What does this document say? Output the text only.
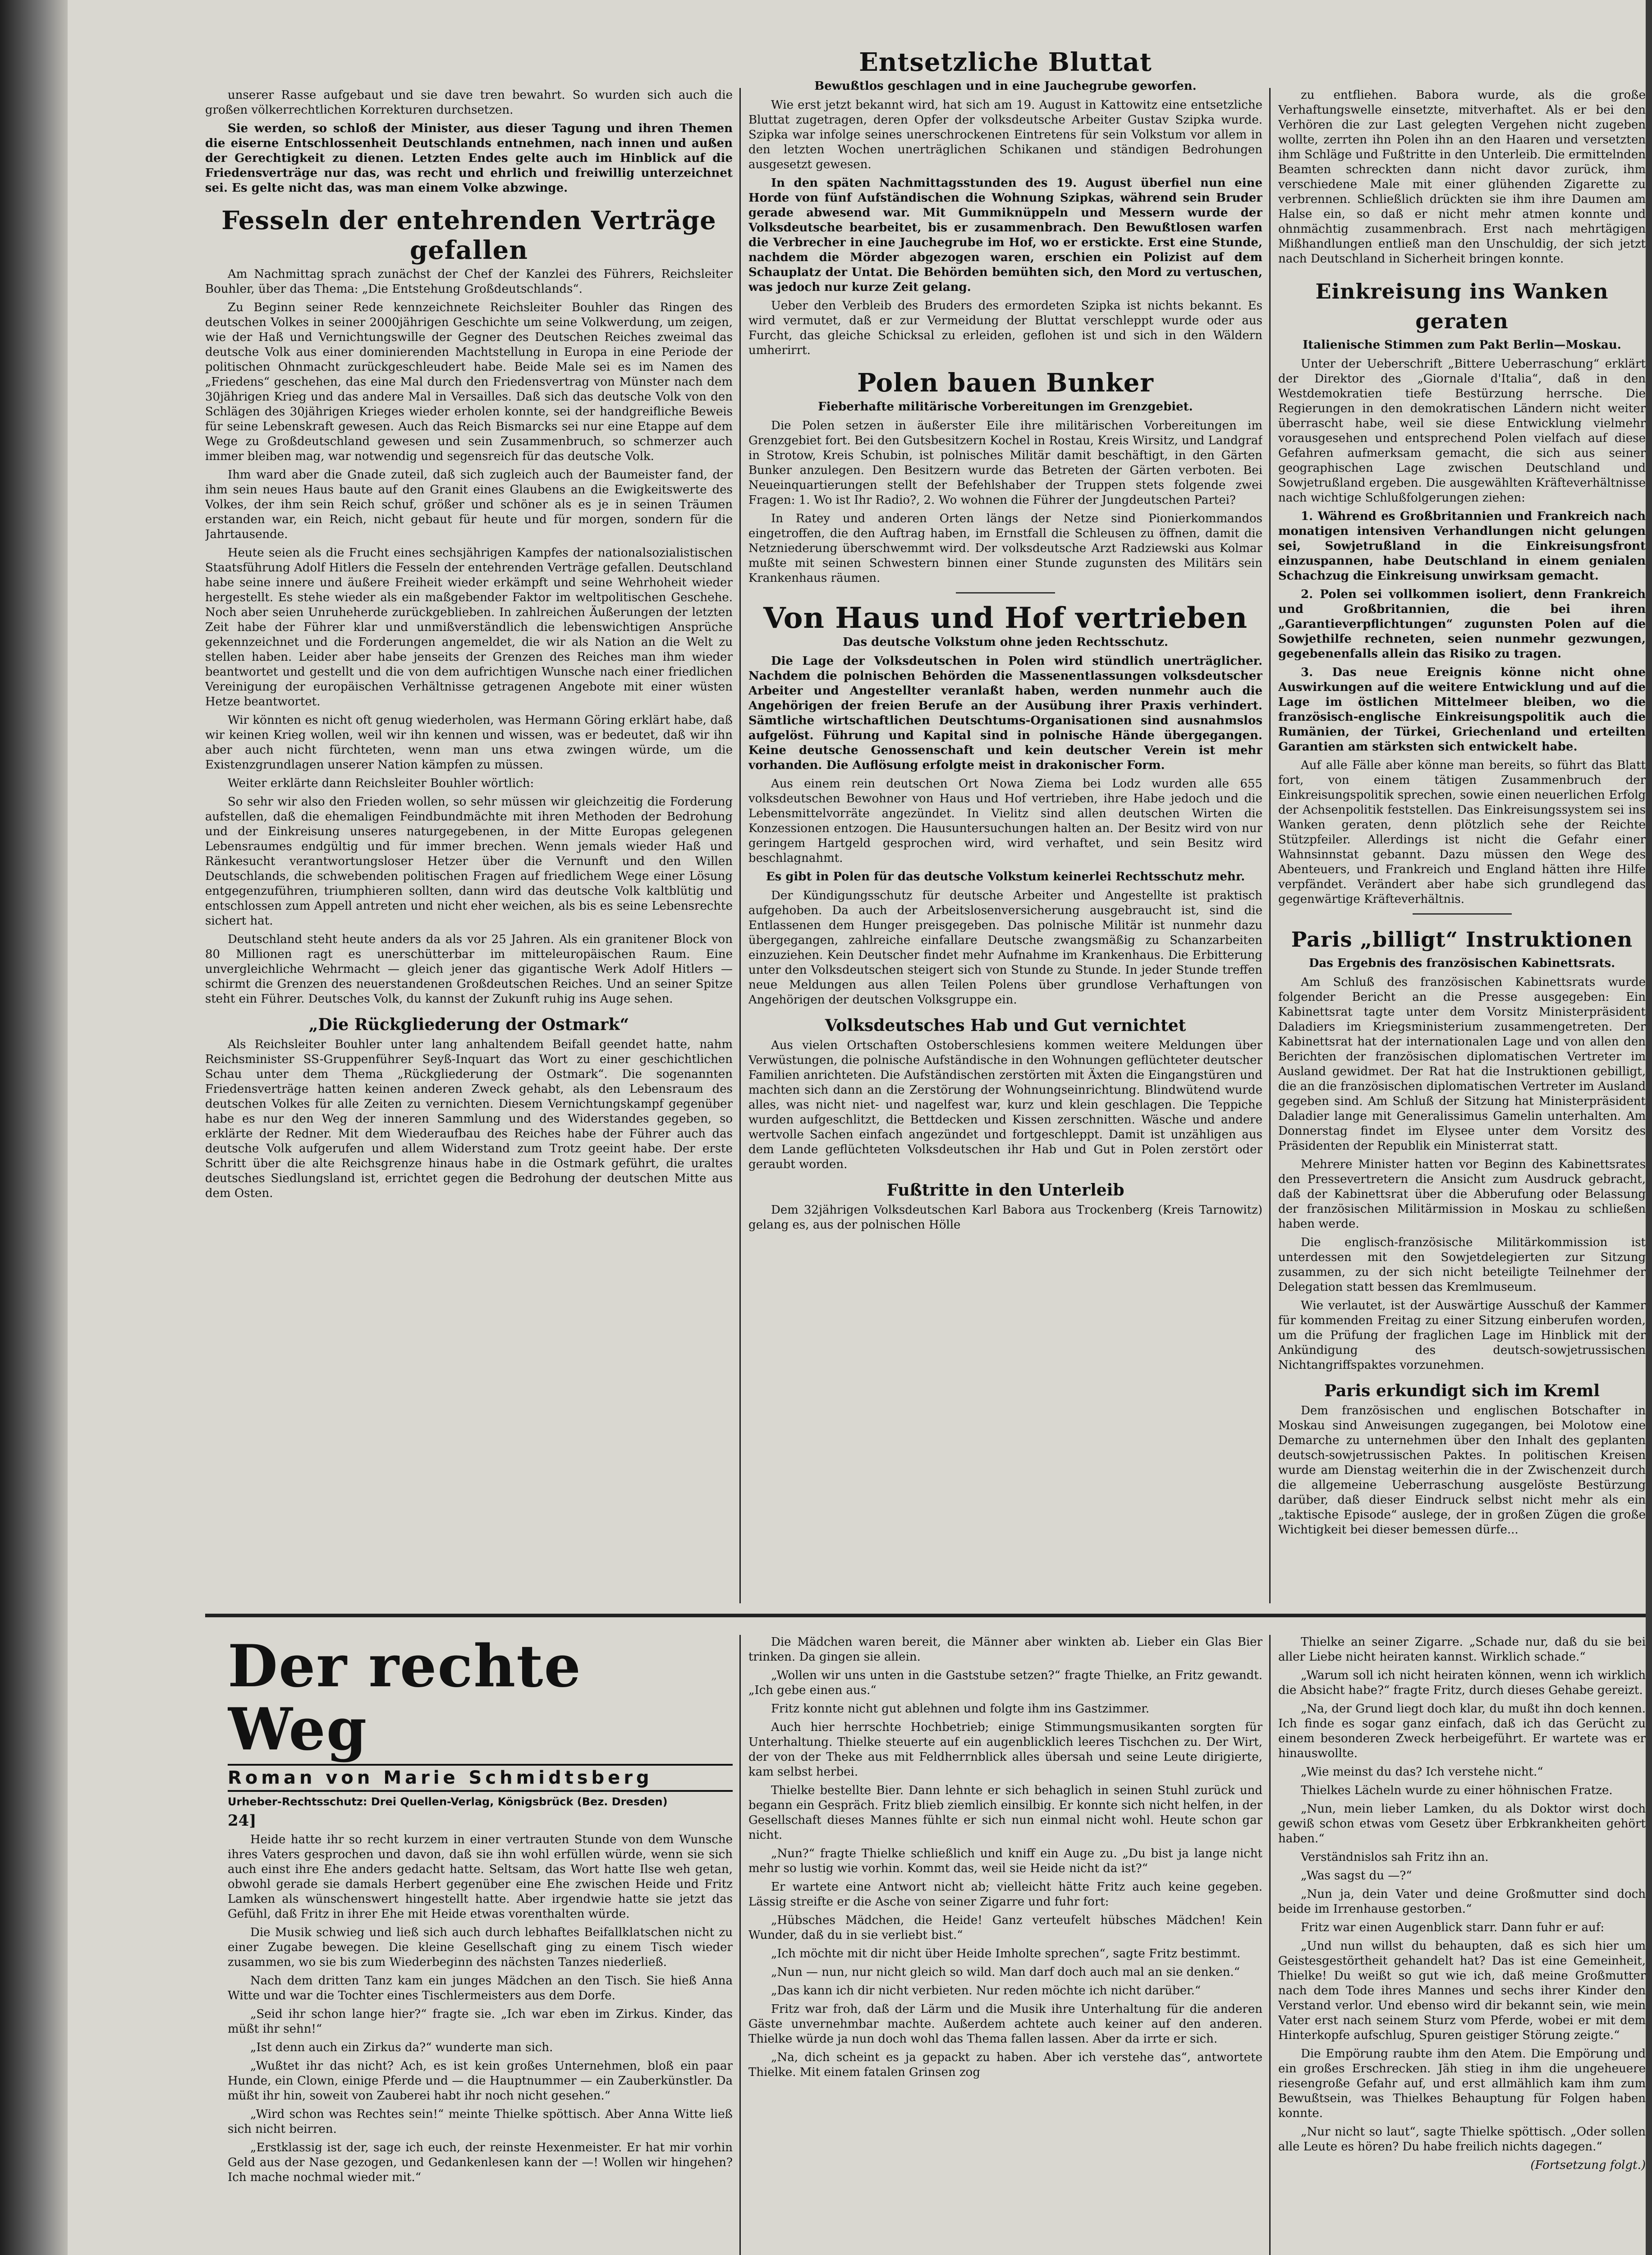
unserer Rasse aufgebaut und sie dave tren bewahrt. So wurden sich auch die großen völkerrechtlichen Korrekturen durchsetzen.

Sie werden, so schloß der Minister, aus dieser Tagung und ihren Themen die eiserne Entschlossenheit Deutschlands entnehmen, nach innen und außen der Gerechtigkeit zu dienen. Letzten Endes gelte auch im Hinblick auf die Friedensverträge nur das, was recht und ehrlich und freiwillig unterzeichnet sei. Es gelte nicht das, was man einem Volke abzwinge.

Fesseln der entehrenden Verträge gefallen

Am Nachmittag sprach zunächst der Chef der Kanzlei des Führers, Reichsleiter Bouhler, über das Thema: „Die Entstehung Großdeutschlands“.

Zu Beginn seiner Rede kennzeichnete Reichsleiter Bouhler das Ringen des deutschen Volkes in seiner 2000jährigen Geschichte um seine Volkwerdung, um zeigen, wie der Haß und Vernichtungswille der Gegner des Deutschen Reiches zweimal das deutsche Volk aus einer dominierenden Machtstellung in Europa in eine Periode der politischen Ohnmacht zurückgeschleudert habe. Beide Male sei es im Namen des „Friedens“ geschehen, das eine Mal durch den Friedensvertrag von Münster nach dem 30jährigen Krieg und das andere Mal in Versailles. Daß sich das deutsche Volk von den Schlägen des 30jährigen Krieges wieder erholen konnte, sei der handgreifliche Beweis für seine Lebenskraft gewesen. Auch das Reich Bismarcks sei nur eine Etappe auf dem Wege zu Großdeutschland gewesen und sein Zusammenbruch, so schmerzer auch immer bleiben mag, war notwendig und segensreich für das deutsche Volk.

Ihm ward aber die Gnade zuteil, daß sich zugleich auch der Baumeister fand, der ihm sein neues Haus baute auf den Granit eines Glaubens an die Ewigkeitswerte des Volkes, der ihm sein Reich schuf, größer und schöner als es je in seinen Träumen erstanden war, ein Reich, nicht gebaut für heute und für morgen, sondern für die Jahrtausende.

Heute seien als die Frucht eines sechsjährigen Kampfes der nationalsozialistischen Staatsführung Adolf Hitlers die Fesseln der entehrenden Verträge gefallen. Deutschland habe seine innere und äußere Freiheit wieder erkämpft und seine Wehrhoheit wieder hergestellt. Es stehe wieder als ein maßgebender Faktor im weltpolitischen Geschehe. Noch aber seien Unruheherde zurückgeblieben. In zahlreichen Äußerungen der letzten Zeit habe der Führer klar und unmißverständlich die lebenswichtigen Ansprüche gekennzeichnet und die Forderungen angemeldet, die wir als Nation an die Welt zu stellen haben. Leider aber habe jenseits der Grenzen des Reiches man ihm wieder beantwortet und gestellt und die von dem aufrichtigen Wunsche nach einer friedlichen Vereinigung der europäischen Verhältnisse getragenen Angebote mit einer wüsten Hetze beantwortet.

Wir könnten es nicht oft genug wiederholen, was Hermann Göring erklärt habe, daß wir keinen Krieg wollen, weil wir ihn kennen und wissen, was er bedeutet, daß wir ihn aber auch nicht fürchteten, wenn man uns etwa zwingen würde, um die Existenzgrundlagen unserer Nation kämpfen zu müssen.

Weiter erklärte dann Reichsleiter Bouhler wörtlich:

So sehr wir also den Frieden wollen, so sehr müssen wir gleichzeitig die Forderung aufstellen, daß die ehemaligen Feindbundmächte mit ihren Methoden der Bedrohung und der Einkreisung unseres naturgegebenen, in der Mitte Europas gelegenen Lebensraumes endgültig und für immer brechen. Wenn jemals wieder Haß und Ränkesucht verantwortungsloser Hetzer über die Vernunft und den Willen Deutschlands, die schwebenden politischen Fragen auf friedlichem Wege einer Lösung entgegenzuführen, triumphieren sollten, dann wird das deutsche Volk kaltblütig und entschlossen zum Appell antreten und nicht eher weichen, als bis es seine Lebensrechte sichert hat.

Deutschland steht heute anders da als vor 25 Jahren. Als ein granitener Block von 80 Millionen ragt es unerschütterbar im mitteleuropäischen Raum. Eine unvergleichliche Wehrmacht — gleich jener das gigantische Werk Adolf Hitlers — schirmt die Grenzen des neuerstandenen Großdeutschen Reiches. Und an seiner Spitze steht ein Führer. Deutsches Volk, du kannst der Zukunft ruhig ins Auge sehen.

„Die Rückgliederung der Ostmark“

Als Reichsleiter Bouhler unter lang anhaltendem Beifall geendet hatte, nahm Reichsminister SS-Gruppenführer Seyß-Inquart das Wort zu einer geschichtlichen Schau unter dem Thema „Rückgliederung der Ostmark“. Die sogenannten Friedensverträge hatten keinen anderen Zweck gehabt, als den Lebensraum des deutschen Volkes für alle Zeiten zu vernichten. Diesem Vernichtungskampf gegenüber habe es nur den Weg der inneren Sammlung und des Widerstandes gegeben, so erklärte der Redner. Mit dem Wiederaufbau des Reiches habe der Führer auch das deutsche Volk aufgerufen und allem Widerstand zum Trotz geeint habe. Der erste Schritt über die alte Reichsgrenze hinaus habe in die Ostmark geführt, die uraltes deutsches Siedlungsland ist, errichtet gegen die Bedrohung der deutschen Mitte aus dem Osten.

Entsetzliche Bluttat
Bewußtlos geschlagen und in eine Jauchegrube geworfen.

Wie erst jetzt bekannt wird, hat sich am 19. August in Kattowitz eine entsetzliche Bluttat zugetragen, deren Opfer der volksdeutsche Arbeiter Gustav Szipka wurde. Szipka war infolge seines unerschrockenen Eintretens für sein Volkstum vor allem in den letzten Wochen unerträglichen Schikanen und ständigen Bedrohungen ausgesetzt gewesen.

In den späten Nachmittagsstunden des 19. August überfiel nun eine Horde von fünf Aufständischen die Wohnung Szipkas, während sein Bruder gerade abwesend war. Mit Gummiknüppeln und Messern wurde der Volksdeutsche bearbeitet, bis er zusammenbrach. Den Bewußtlosen warfen die Verbrecher in eine Jauchegrube im Hof, wo er erstickte. Erst eine Stunde, nachdem die Mörder abgezogen waren, erschien ein Polizist auf dem Schauplatz der Untat. Die Behörden bemühten sich, den Mord zu vertuschen, was jedoch nur kurze Zeit gelang.

Ueber den Verbleib des Bruders des ermordeten Szipka ist nichts bekannt. Es wird vermutet, daß er zur Vermeidung der Bluttat verschleppt wurde oder aus Furcht, das gleiche Schicksal zu erleiden, geflohen ist und sich in den Wäldern umherirrt.

Polen bauen Bunker
Fieberhafte militärische Vorbereitungen im Grenzgebiet.

Die Polen setzen in äußerster Eile ihre militärischen Vorbereitungen im Grenzgebiet fort. Bei den Gutsbesitzern Kochel in Rostau, Kreis Wirsitz, und Landgraf in Strotow, Kreis Schubin, ist polnisches Militär damit beschäftigt, in den Gärten Bunker anzulegen. Den Besitzern wurde das Betreten der Gärten verboten. Bei Neueinquartierungen stellt der Befehlshaber der Truppen stets folgende zwei Fragen: 1. Wo ist Ihr Radio?, 2. Wo wohnen die Führer der Jungdeutschen Partei?

In Ratey und anderen Orten längs der Netze sind Pionierkommandos eingetroffen, die den Auftrag haben, im Ernstfall die Schleusen zu öffnen, damit die Netzniederung überschwemmt wird. Der volksdeutsche Arzt Radziewski aus Kolmar mußte mit seinen Schwestern binnen einer Stunde zugunsten des Militärs sein Krankenhaus räumen.

Von Haus und Hof vertrieben
Das deutsche Volkstum ohne jeden Rechtsschutz.

Die Lage der Volksdeutschen in Polen wird stündlich unerträglicher. Nachdem die polnischen Behörden die Massenentlassungen volksdeutscher Arbeiter und Angestellter veranlaßt haben, werden nunmehr auch die Angehörigen der freien Berufe an der Ausübung ihrer Praxis verhindert. Sämtliche wirtschaftlichen Deutschtums-Organisationen sind ausnahmslos aufgelöst. Führung und Kapital sind in polnische Hände übergegangen. Keine deutsche Genossenschaft und kein deutscher Verein ist mehr vorhanden. Die Auflösung erfolgte meist in drakonischer Form.

Aus einem rein deutschen Ort Nowa Ziema bei Lodz wurden alle 655 volksdeutschen Bewohner von Haus und Hof vertrieben, ihre Habe jedoch und die Lebensmittelvorräte angezündet. In Vielitz sind allen deutschen Wirten die Konzessionen entzogen. Die Hausuntersuchungen halten an. Der Besitz wird von nur geringem Hartgeld gesprochen wird, wird verhaftet, und sein Besitz wird beschlagnahmt.

Es gibt in Polen für das deutsche Volkstum keinerlei Rechtsschutz mehr.

Der Kündigungsschutz für deutsche Arbeiter und Angestellte ist praktisch aufgehoben. Da auch der Arbeitslosenversicherung ausgebraucht ist, sind die Entlassenen dem Hunger preisgegeben. Das polnische Militär ist nunmehr dazu übergegangen, zahlreiche einfallare Deutsche zwangsmäßig zu Schanzarbeiten einzuziehen. Kein Deutscher findet mehr Aufnahme im Krankenhaus. Die Erbitterung unter den Volksdeutschen steigert sich von Stunde zu Stunde. In jeder Stunde treffen neue Meldungen aus allen Teilen Polens über grundlose Verhaftungen von Angehörigen der deutschen Volksgruppe ein.

Volksdeutsches Hab und Gut vernichtet

Aus vielen Ortschaften Ostoberschlesiens kommen weitere Meldungen über Verwüstungen, die polnische Aufständische in den Wohnungen geflüchteter deutscher Familien anrichteten. Die Aufständischen zerstörten mit Äxten die Eingangstüren und machten sich dann an die Zerstörung der Wohnungseinrichtung. Blindwütend wurde alles, was nicht niet- und nagelfest war, kurz und klein geschlagen. Die Teppiche wurden aufgeschlitzt, die Bettdecken und Kissen zerschnitten. Wäsche und andere wertvolle Sachen einfach angezündet und fortgeschleppt. Damit ist unzähligen aus dem Lande geflüchteten Volksdeutschen ihr Hab und Gut in Polen zerstört oder geraubt worden.

Fußtritte in den Unterleib

Dem 32jährigen Volksdeutschen Karl Babora aus Trockenberg (Kreis Tarnowitz) gelang es, aus der polnischen Hölle

zu entfliehen. Babora wurde, als die große Verhaftungswelle einsetzte, mitverhaftet. Als er bei den Verhören die zur Last gelegten Vergehen nicht zugeben wollte, zerrten ihn Polen ihn an den Haaren und versetzten ihm Schläge und Fußtritte in den Unterleib. Die ermittelnden Beamten schreckten dann nicht davor zurück, ihm verschiedene Male mit einer glühenden Zigarette zu verbrennen. Schließlich drückten sie ihm ihre Daumen am Halse ein, so daß er nicht mehr atmen konnte und ohnmächtig zusammenbrach. Erst nach mehrtägigen Mißhandlungen entließ man den Unschuldig, der sich jetzt nach Deutschland in Sicherheit bringen konnte.

Einkreisung ins Wanken geraten
Italienische Stimmen zum Pakt Berlin—Moskau.

Unter der Ueberschrift „Bittere Ueberraschung“ erklärt der Direktor des „Giornale d'Italia“, daß in den Westdemokratien tiefe Bestürzung herrsche. Die Regierungen in den demokratischen Ländern nicht weiter überrascht habe, weil sie diese Entwicklung vielmehr vorausgesehen und entsprechend Polen vielfach auf diese Gefahren aufmerksam gemacht, die sich aus seiner geographischen Lage zwischen Deutschland und Sowjetrußland ergeben. Die ausgewählten Kräfteverhältnisse nach wichtige Schlußfolgerungen ziehen:

1. Während es Großbritannien und Frankreich nach monatigen intensiven Verhandlungen nicht gelungen sei, Sowjetrußland in die Einkreisungsfront einzuspannen, habe Deutschland in einem genialen Schachzug die Einkreisung unwirksam gemacht.

2. Polen sei vollkommen isoliert, denn Frankreich und Großbritannien, die bei ihren „Garantieverpflichtungen“ zugunsten Polen auf die Sowjethilfe rechneten, seien nunmehr gezwungen, gegebenenfalls allein das Risiko zu tragen.

3. Das neue Ereignis könne nicht ohne Auswirkungen auf die weitere Entwicklung und auf die Lage im östlichen Mittelmeer bleiben, wo die französisch-englische Einkreisungspolitik auch die Rumänien, der Türkei, Griechenland und erteilten Garantien am stärksten sich entwickelt habe.

Auf alle Fälle aber könne man bereits, so führt das Blatt fort, von einem tätigen Zusammenbruch der Einkreisungspolitik sprechen, sowie einen neuerlichen Erfolg der Achsenpolitik feststellen. Das Einkreisungssystem sei ins Wanken geraten, denn plötzlich sehe der Reichte Stützpfeiler. Allerdings ist nicht die Gefahr einer Wahnsinnstat gebannt. Dazu müssen den Wege des Abenteuers, und Frankreich und England hätten ihre Hilfe verpfändet. Verändert aber habe sich grundlegend das gegenwärtige Kräfteverhältnis.

Paris „billigt“ Instruktionen
Das Ergebnis des französischen Kabinettsrats.

Am Schluß des französischen Kabinettsrats wurde folgender Bericht an die Presse ausgegeben: Ein Kabinettsrat tagte unter dem Vorsitz Ministerpräsident Daladiers im Kriegsministerium zusammengetreten. Der Kabinettsrat hat der internationalen Lage und von allen den Berichten der französischen diplomatischen Vertreter im Ausland gewidmet. Der Rat hat die Instruktionen gebilligt, die an die französischen diplomatischen Vertreter im Ausland gegeben sind. Am Schluß der Sitzung hat Ministerpräsident Daladier lange mit Generalissimus Gamelin unterhalten. Am Donnerstag findet im Elysee unter dem Vorsitz des Präsidenten der Republik ein Ministerrat statt.

Mehrere Minister hatten vor Beginn des Kabinettsrates den Pressevertretern die Ansicht zum Ausdruck gebracht, daß der Kabinettsrat über die Abberufung oder Belassung der französischen Militärmission in Moskau zu schließen haben werde.

Die englisch-französische Militärkommission ist unterdessen mit den Sowjetdelegierten zur Sitzung zusammen, zu der sich nicht beteiligte Teilnehmer der Delegation statt bessen das Kremlmuseum.

Wie verlautet, ist der Auswärtige Ausschuß der Kammer für kommenden Freitag zu einer Sitzung einberufen worden, um die Prüfung der fraglichen Lage im Hinblick mit der Ankündigung des deutsch-sowjetrussischen Nichtangriffspaktes vorzunehmen.

Paris erkundigt sich im Kreml

Dem französischen und englischen Botschafter in Moskau sind Anweisungen zugegangen, bei Molotow eine Demarche zu unternehmen über den Inhalt des geplanten deutsch-sowjetrussischen Paktes. In politischen Kreisen wurde am Dienstag weiterhin die in der Zwischenzeit durch die allgemeine Ueberraschung ausgelöste Bestürzung darüber, daß dieser Eindruck selbst nicht mehr als ein „taktische Episode“ auslege, der in großen Zügen die große Wichtigkeit bei dieser bemessen dürfe...

Der rechte Weg
Roman von Marie Schmidtsberg
Urheber-Rechtsschutz: Drei Quellen-Verlag, Königsbrück (Bez. Dresden)
24]

Heide hatte ihr so recht kurzem in einer vertrauten Stunde von dem Wunsche ihres Vaters gesprochen und davon, daß sie ihn wohl erfüllen würde, wenn sie sich auch einst ihre Ehe anders gedacht hatte. Seltsam, das Wort hatte Ilse weh getan, obwohl gerade sie damals Herbert gegenüber eine Ehe zwischen Heide und Fritz Lamken als wünschenswert hingestellt hatte. Aber irgendwie hatte sie jetzt das Gefühl, daß Fritz in ihrer Ehe mit Heide etwas vorenthalten würde.

Die Musik schwieg und ließ sich auch durch lebhaftes Beifallklatschen nicht zu einer Zugabe bewegen. Die kleine Gesellschaft ging zu einem Tisch wieder zusammen, wo sie bis zum Wiederbeginn des nächsten Tanzes niederließ.

Nach dem dritten Tanz kam ein junges Mädchen an den Tisch. Sie hieß Anna Witte und war die Tochter eines Tischlermeisters aus dem Dorfe.

„Seid ihr schon lange hier?“ fragte sie. „Ich war eben im Zirkus. Kinder, das müßt ihr sehn!“

„Ist denn auch ein Zirkus da?“ wunderte man sich.

„Wußtet ihr das nicht? Ach, es ist kein großes Unternehmen, bloß ein paar Hunde, ein Clown, einige Pferde und — die Hauptnummer — ein Zauberkünstler. Da müßt ihr hin, soweit von Zauberei habt ihr noch nicht gesehen.“

„Wird schon was Rechtes sein!“ meinte Thielke spöttisch. Aber Anna Witte ließ sich nicht beirren.

„Erstklassig ist der, sage ich euch, der reinste Hexenmeister. Er hat mir vorhin Geld aus der Nase gezogen, und Gedankenlesen kann der —! Wollen wir hingehen? Ich mache nochmal wieder mit.“

Die Mädchen waren bereit, die Männer aber winkten ab. Lieber ein Glas Bier trinken. Da gingen sie allein.

„Wollen wir uns unten in die Gaststube setzen?“ fragte Thielke, an Fritz gewandt. „Ich gebe einen aus.“

Fritz konnte nicht gut ablehnen und folgte ihm ins Gastzimmer.

Auch hier herrschte Hochbetrieb; einige Stimmungsmusikanten sorgten für Unterhaltung. Thielke steuerte auf ein augenblicklich leeres Tischchen zu. Der Wirt, der von der Theke aus mit Feldherrnblick alles übersah und seine Leute dirigierte, kam selbst herbei.

Thielke bestellte Bier. Dann lehnte er sich behaglich in seinen Stuhl zurück und begann ein Gespräch. Fritz blieb ziemlich einsilbig. Er konnte sich nicht helfen, in der Gesellschaft dieses Mannes fühlte er sich nun einmal nicht wohl. Heute schon gar nicht.

„Nun?“ fragte Thielke schließlich und kniff ein Auge zu. „Du bist ja lange nicht mehr so lustig wie vorhin. Kommt das, weil sie Heide nicht da ist?“

Er wartete eine Antwort nicht ab; vielleicht hätte Fritz auch keine gegeben. Lässig streifte er die Asche von seiner Zigarre und fuhr fort:

„Hübsches Mädchen, die Heide! Ganz verteufelt hübsches Mädchen! Kein Wunder, daß du in sie verliebt bist.“

„Ich möchte mit dir nicht über Heide Imholte sprechen“, sagte Fritz bestimmt.

„Nun — nun, nur nicht gleich so wild. Man darf doch auch mal an sie denken.“

„Das kann ich dir nicht verbieten. Nur reden möchte ich nicht darüber.“

Fritz war froh, daß der Lärm und die Musik ihre Unterhaltung für die anderen Gäste unvernehmbar machte. Außerdem achtete auch keiner auf den anderen. Thielke würde ja nun doch wohl das Thema fallen lassen. Aber da irrte er sich.

„Na, dich scheint es ja gepackt zu haben. Aber ich verstehe das“, antwortete Thielke. Mit einem fatalen Grinsen zog

Thielke an seiner Zigarre. „Schade nur, daß du sie bei aller Liebe nicht heiraten kannst. Wirklich schade.“

„Warum soll ich nicht heiraten können, wenn ich wirklich die Absicht habe?“ fragte Fritz, durch dieses Gehabe gereizt.

„Na, der Grund liegt doch klar, du mußt ihn doch kennen. Ich finde es sogar ganz einfach, daß ich das Gerücht zu einem besonderen Zweck herbeigeführt. Er wartete was er hinauswollte.

„Wie meinst du das? Ich verstehe nicht.“

Thielkes Lächeln wurde zu einer höhnischen Fratze.

„Nun, mein lieber Lamken, du als Doktor wirst doch gewiß schon etwas vom Gesetz über Erbkrankheiten gehört haben.“

Verständnislos sah Fritz ihn an.

„Was sagst du —?“

„Nun ja, dein Vater und deine Großmutter sind doch beide im Irrenhause gestorben.“

Fritz war einen Augenblick starr. Dann fuhr er auf:

„Und nun willst du behaupten, daß es sich hier um Geistesgestörtheit gehandelt hat? Das ist eine Gemeinheit, Thielke! Du weißt so gut wie ich, daß meine Großmutter nach dem Tode ihres Mannes und sechs ihrer Kinder den Verstand verlor. Und ebenso wird dir bekannt sein, wie mein Vater erst nach seinem Sturz vom Pferde, wobei er mit dem Hinterkopfe aufschlug, Spuren geistiger Störung zeigte.“

Die Empörung raubte ihm den Atem. Die Empörung und ein großes Erschrecken. Jäh stieg in ihm die ungeheuere riesengroße Gefahr auf, und erst allmählich kam ihm zum Bewußtsein, was Thielkes Behauptung für Folgen haben konnte.

„Nur nicht so laut“, sagte Thielke spöttisch. „Oder sollen alle Leute es hören? Du habe freilich nichts dagegen.“

(Fortsetzung folgt.)
